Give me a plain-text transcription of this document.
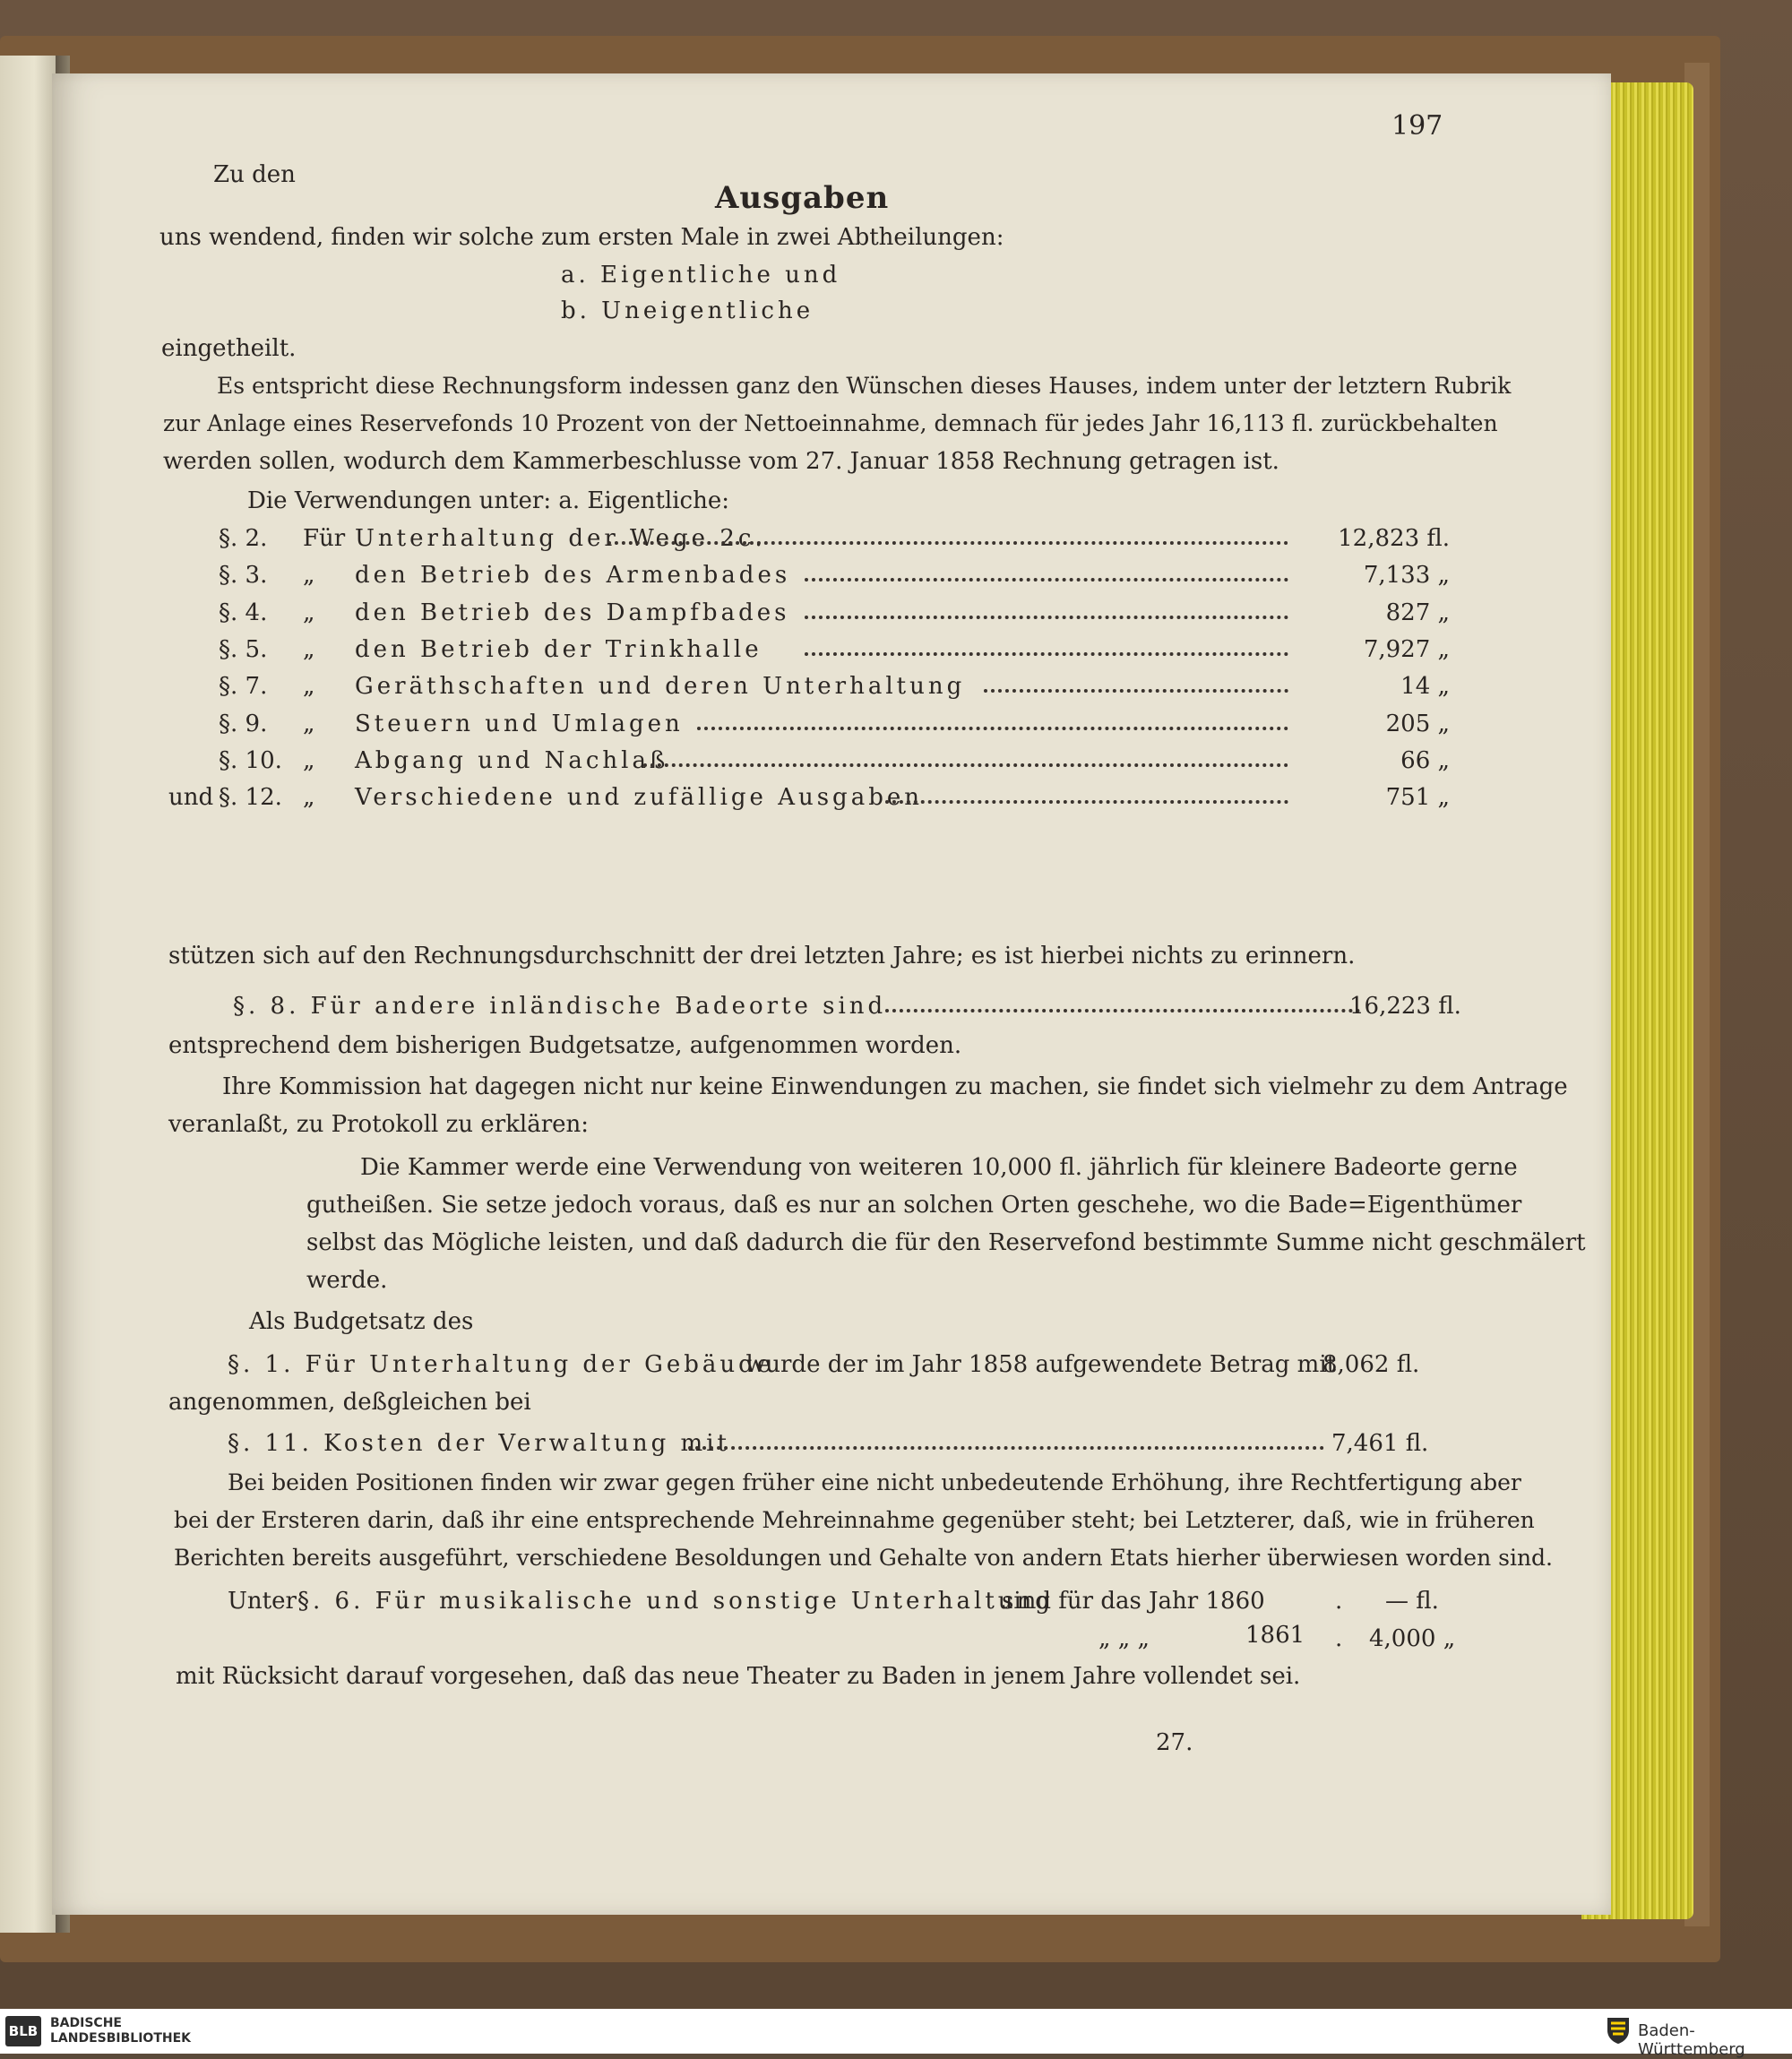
197
Zu den
Ausgaben
uns wendend, finden wir solche zum ersten Male in zwei Abtheilungen:
a. Eigentliche und
b. Uneigentliche
eingetheilt.
Es entspricht diese Rechnungsform indessen ganz den Wünschen dieses Hauses, indem unter der letztern Rubrik
zur Anlage eines Reservefonds 10 Prozent von der Nettoeinnahme, demnach für jedes Jahr 16,113 fl. zurückbehalten
werden sollen, wodurch dem Kammerbeschlusse vom 27. Januar 1858 Rechnung getragen ist.
Die Verwendungen unter: a. Eigentliche:
§. 2. Für Unterhaltung der Wege 2c.	12,823 fl.
§. 3. „ den Betrieb des Armenbades	7,133 „
§. 4. „ den Betrieb des Dampfbades	827 „
§. 5. „ den Betrieb der Trinkhalle	7,927 „
§. 7. „ Geräthschaften und deren Unterhaltung	14 „
§. 9. „ Steuern und Umlagen	205 „
§. 10. „ Abgang und Nachlaß	66 „
und §. 12. „ Verschiedene und zufällige Ausgaben	751 „
stützen sich auf den Rechnungsdurchschnitt der drei letzten Jahre; es ist hierbei nichts zu erinnern.
§. 8. Für andere inländische Badeorte sind	16,223 fl.
entsprechend dem bisherigen Budgetsatze, aufgenommen worden.
Ihre Kommission hat dagegen nicht nur keine Einwendungen zu machen, sie findet sich vielmehr zu dem Antrage
veranlaßt, zu Protokoll zu erklären:
Die Kammer werde eine Verwendung von weiteren 10,000 fl. jährlich für kleinere Badeorte gerne
gutheißen. Sie setze jedoch voraus, daß es nur an solchen Orten geschehe, wo die Bade=Eigenthümer
selbst das Mögliche leisten, und daß dadurch die für den Reservefond bestimmte Summe nicht geschmälert
werde.
Als Budgetsatz des
§. 1. Für Unterhaltung der Gebäude
wurde der im Jahr 1858 aufgewendete Betrag mit
8,062 fl.
angenommen, deßgleichen bei
§. 11. Kosten der Verwaltung mit	7,461 fl.
Bei beiden Positionen finden wir zwar gegen früher eine nicht unbedeutende Erhöhung, ihre Rechtfertigung aber
bei der Ersteren darin, daß ihr eine entsprechende Mehreinnahme gegenüber steht; bei Letzterer, daß, wie in früheren
Berichten bereits ausgeführt, verschiedene Besoldungen und Gehalte von andern Etats hierher überwiesen worden sind.
Unter §. 6. Für musikalische und sonstige Unterhaltung
sind für das Jahr 1860	. — fl.
„ „ „	1861 . 4,000 „
mit Rücksicht darauf vorgesehen, daß das neue Theater zu Baden in jenem Jahre vollendet sei.
27.
BLB BADISCHE
LANDESBIBLIOTHEK	Baden-Württemberg
